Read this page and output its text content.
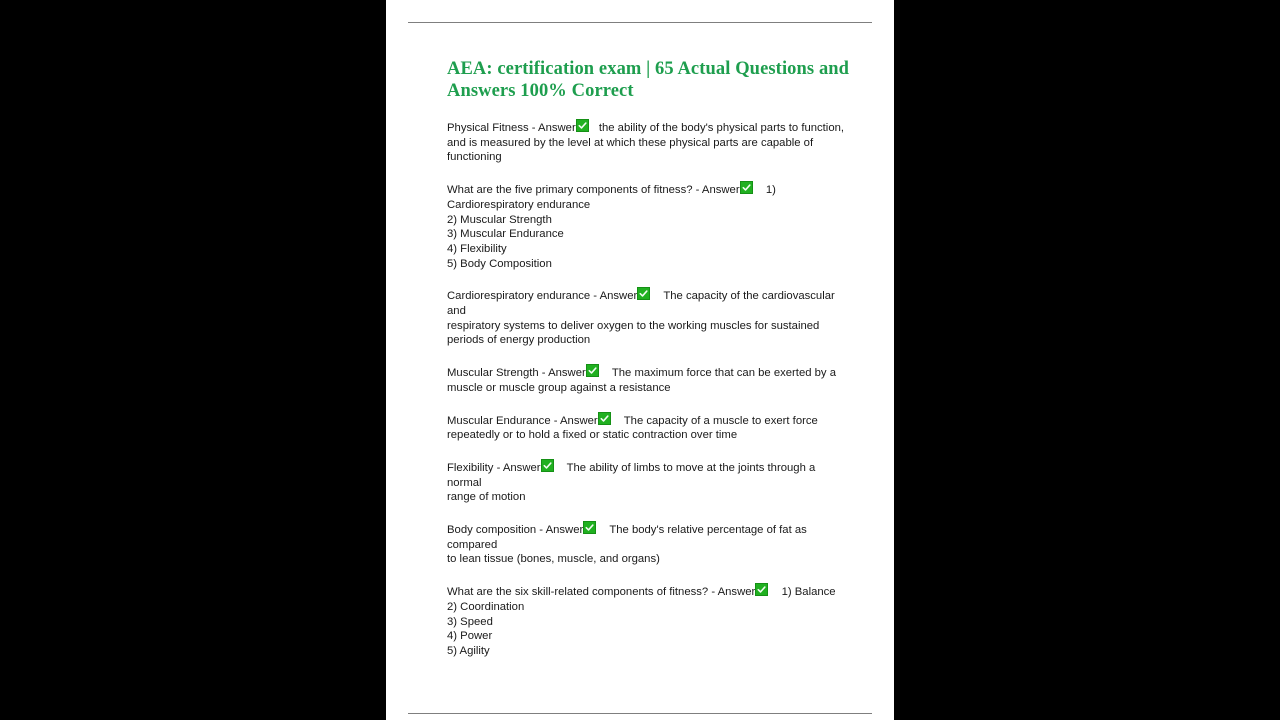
AEA: certification exam | 65 Actual Questions and Answers 100% Correct

Physical Fitness - Answer
the ability of the body's physical parts to function,
and is measured by the level at which these physical parts are capable of
functioning

What are the five primary components of fitness? - Answer
1)
Cardiorespiratory endurance
2) Muscular Strength
3) Muscular Endurance
4) Flexibility
5) Body Composition

Cardiorespiratory endurance - Answer
The capacity of the cardiovascular and
respiratory systems to deliver oxygen to the working muscles for sustained
periods of energy production

Muscular Strength - Answer
The maximum force that can be exerted by a
muscle or muscle group against a resistance

Muscular Endurance - Answer
The capacity of a muscle to exert force
repeatedly or to hold a fixed or static contraction over time

Flexibility - Answer
The ability of limbs to move at the joints through a normal
range of motion

Body composition - Answer
The body's relative percentage of fat as compared
to lean tissue (bones, muscle, and organs)

What are the six skill-related components of fitness? - Answer
1) Balance
2) Coordination
3) Speed
4) Power
5) Agility
